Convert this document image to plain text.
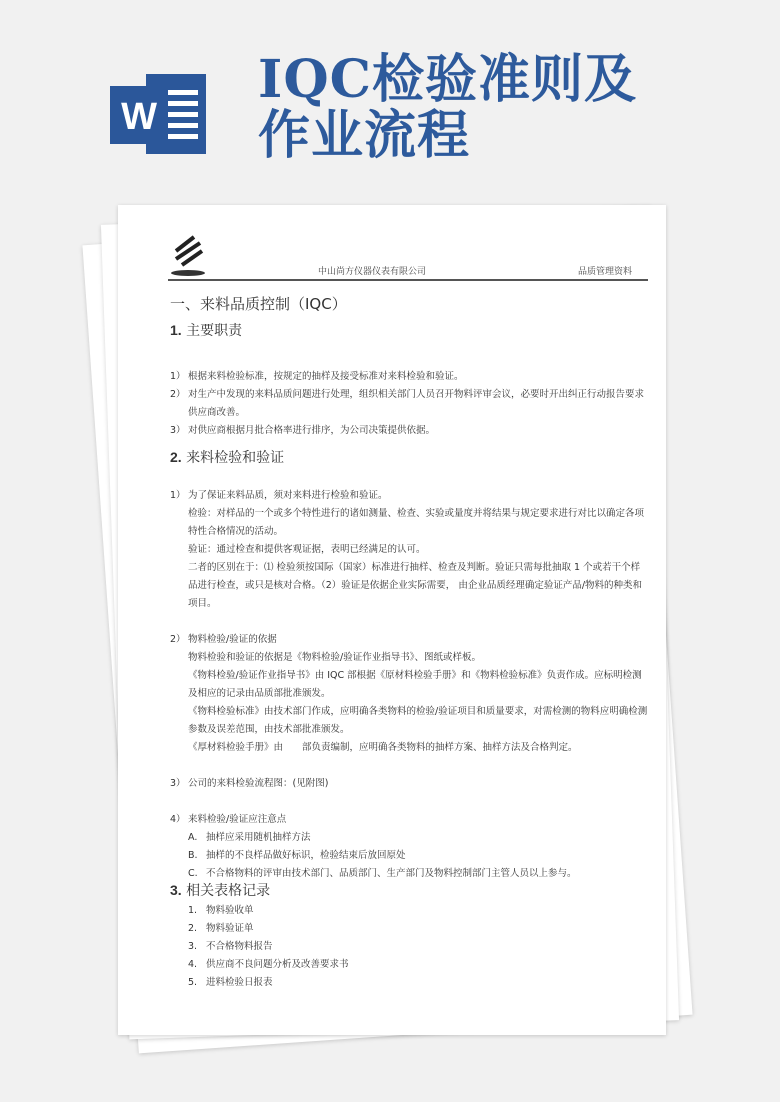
W
IQC检验准则及
作业流程
中山尚方仪器仪表有限公司	品质管理资料

一、来料品质控制（IQC）

1. 主要职责

1） 根据来料检验标准，按规定的抽样及接受标准对来料检验和验证。

2） 对生产中发现的来料品质问题进行处理，组织相关部门人员召开物料评审会议，必要时开出纠正行动报告要求供应商改善。

3） 对供应商根据月批合格率进行排序，为公司决策提供依据。

2. 来料检验和验证

1） 为了保证来料品质，须对来料进行检验和验证。

检验：对样品的一个或多个特性进行的诸如测量、检查、实验或量度并将结果与规定要求进行对比以确定各项特性合格情况的活动。

验证：通过检查和提供客观证据，表明已经满足的认可。

二者的区别在于：⑴ 检验须按国际（国家）标准进行抽样、检查及判断。验证只需每批抽取 1 个或若干个样品进行检查，或只是核对合格。（2）验证是依据企业实际需要， 由企业品质经理确定验证产品/物料的种类和项目。

2） 物料检验/验证的依据

物料检验和验证的依据是《物料检验/验证作业指导书》、图纸或样板。

《物料检验/验证作业指导书》由 IQC 部根据《原材料检验手册》和《物料检验标准》负责作成。应标明检测及相应的记录由品质部批准颁发。

《物料检验标准》由技术部门作成，应明确各类物料的检验/验证项目和质量要求，对需检测的物料应明确检测参数及误差范围，由技术部批准颁发。

《厚材料检验手册》由　　部负责编制，应明确各类物料的抽样方案、抽样方法及合格判定。

3） 公司的来料检验流程图：(见附图)

4） 来料检验/验证应注意点

A. 抽样应采用随机抽样方法

B. 抽样的不良样品做好标识，检验结束后放回原处

C. 不合格物料的评审由技术部门、品质部门、生产部门及物料控制部门主管人员以上参与。

3. 相关表格记录

1. 物料验收单

2. 物料验证单

3. 不合格物料报告

4. 供应商不良问题分析及改善要求书

5. 进料检验日报表
